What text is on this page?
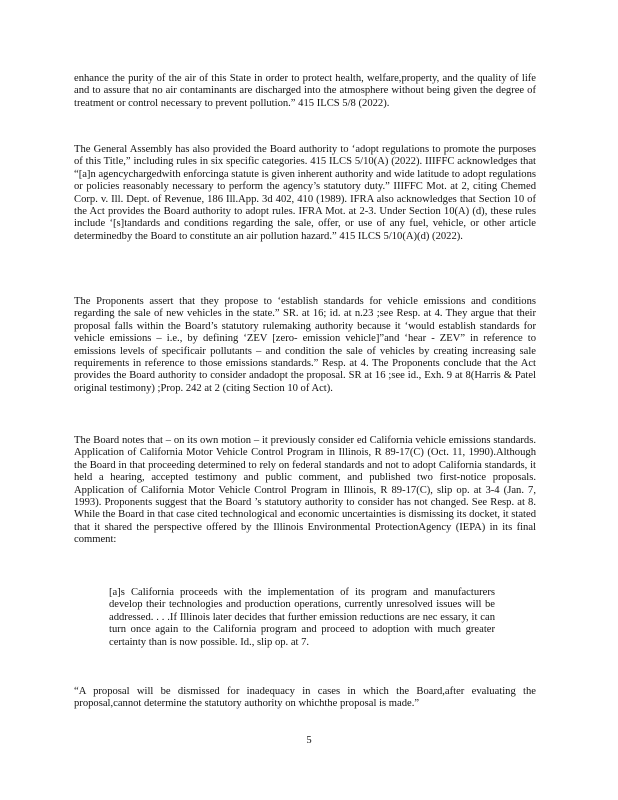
enhance the purity of the air of this State in order to protect health, welfare,property, and the quality of life and to assure that no air contaminants are discharged into the atmosphere without being given the degree of treatment or control necessary to prevent pollution.” 415 ILCS 5/8 (2022).

The General Assembly has also provided the Board authority to ‘adopt regulations to promote the purposes of this Title,” including rules in six specific categories. 415 ILCS 5/10(A) (2022). IIIFFC acknowledges that “[a]n agencychargedwith enforcinga statute is given inherent authority and wide latitude to adopt regulations or policies reasonably necessary to perform the agency’s statutory duty.” IIIFFC Mot. at 2, citing Chemed Corp. v. Ill. Dept. of Revenue, 186 Ill.App. 3d 402, 410 (1989). IFRA also acknowledges that Section 10 of the Act provides the Board authority to adopt rules. IFRA Mot. at 2-3. Under Section 10(A) (d), these rules include ‘[s]tandards and conditions regarding the sale, offer, or use of any fuel, vehicle, or other article determinedby the Board to constitute an air pollution hazard.” 415 ILCS 5/10(A)(d) (2022).

The Proponents assert that they propose to ‘establish standards for vehicle emissions and conditions regarding the sale of new vehicles in the state.” SR. at 16; id. at n.23 ;see Resp. at 4. They argue that their proposal falls within the Board’s statutory rulemaking authority because it ‘would establish standards for vehicle emissions – i.e., by defining ‘ZEV [zero- emission vehicle]”and ‘hear - ZEV” in reference to emissions levels of specificair pollutants – and condition the sale of vehicles by creating increasing sale requirements in reference to those emissions standards.” Resp. at 4. The Proponents conclude that the Act provides the Board authority to consider andadopt the proposal. SR at 16 ;see id., Exh. 9 at 8(Harris & Patel original testimony) ;Prop. 242 at 2 (citing Section 10 of Act).

The Board notes that – on its own motion – it previously consider ed California vehicle emissions standards. Application of California Motor Vehicle Control Program in Illinois, R 89-17(C) (Oct. 11, 1990).Although the Board in that proceeding determined to rely on federal standards and not to adopt California standards, it held a hearing, accepted testimony and public comment, and published two first-notice proposals. Application of California Motor Vehicle Control Program in Illinois, R 89-17(C), slip op. at 3-4 (Jan. 7, 1993). Proponents suggest that the Board ’s statutory authority to consider has not changed. See Resp. at 8. While the Board in that case cited technological and economic uncertainties is dismissing its docket, it stated that it shared the perspective offered by the Illinois Environmental ProtectionAgency (IEPA) in its final comment:

[a]s California proceeds with the implementation of its program and manufacturers develop their technologies and production operations, currently unresolved issues will be addressed. . . .If Illinois later decides that further emission reductions are nec essary, it can turn once again to the California program and proceed to adoption with much greater certainty than is now possible. Id., slip op. at 7.

“A proposal will be dismissed for inadequacy in cases in which the Board,after evaluating the proposal,cannot determine the statutory authority on whichthe proposal is made.”

5
